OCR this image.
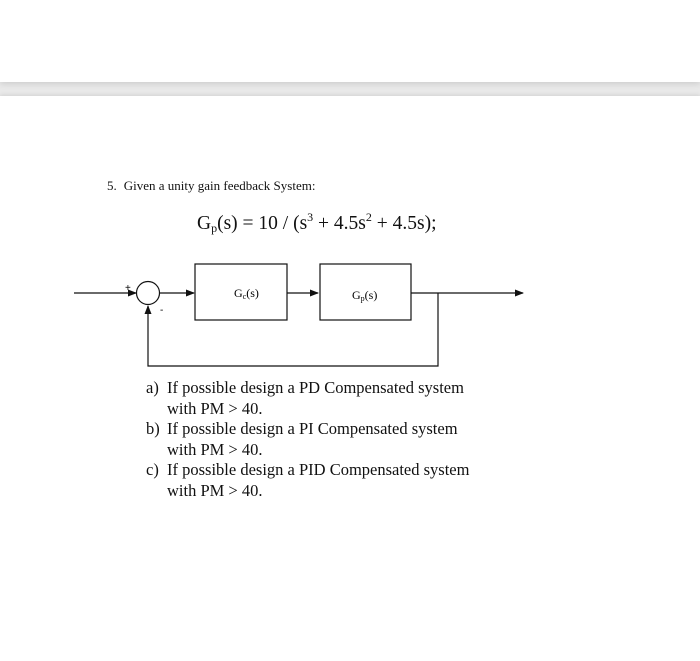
5. Given a unity gain feedback System:
$G_p(s) = 10 / (s^3 + 4.5s^2 + 4.5s)$;
+
-
Gc(s)	Gp(s)
a) If possible design a PD Compensated system
with PM > 40.
b) If possible design a PI Compensated system
with PM > 40.
c) If possible design a PID Compensated system
with PM > 40.
